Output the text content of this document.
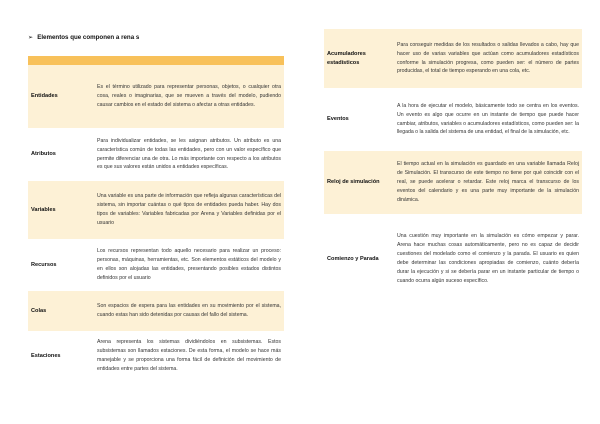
➢ Elementos que componen a rena s

Entidades	Es el término utilizado para representar personas, objetos, o cualquier otra cosa, reales o imaginarias, que se mueven a través del modelo, pudiendo causar cambios en el estado del sistema o afectar a otras entidades.
Atributos	Para individualizar entidades, se les asignan atributos. Un atributo es una característica común de todas las entidades, pero con un valor específico que permite diferenciar una de otra. Lo más importante con respecto a los atributos es que sus valores están unidos a entidades específicas.
Variables	Una variable es una parte de información que refleja algunas características del sistema, sin importar cuántas o qué tipos de entidades pueda haber. Hay dos tipos de variables: Variables fabricadas por Arena y Variables definidas por el usuario
Recursos	Los recursos representan todo aquello necesario para realizar un proceso: personas, máquinas, herramientas, etc. Son elementos estáticos del modelo y en ellos son alojadas las entidades, presentando posibles estados distintos definidos por el usuario
Colas	Son espacios de espera para las entidades en su movimiento por el sistema, cuando estas han sido detenidas por causas del fallo del sistema.
Estaciones	Arena representa los sistemas dividiéndolos en subsistemas. Estos subsistemas son llamados estaciones. De esta forma, el modelo se hace más manejable y se proporciona una forma fácil de definición del movimiento de entidades entre partes del sistema.
Acumuladores estadísticos	Para conseguir medidas de los resultados o salidas llevados a cabo, hay que hacer uso de varias variables que actúan como acumuladores estadísticos conforme la simulación progresa, como pueden ser: el número de partes producidas, el total de tiempo esperando en una cola, etc.
Eventos	A la hora de ejecutar el modelo, básicamente todo se centra en los eventos. Un evento es algo que ocurre en un instante de tiempo que puede hacer cambiar, atributos, variables o acumuladores estadísticos, como pueden ser: la llegada o la salida del sistema de una entidad, el final de la simulación, etc.
Reloj de simulación	El tiempo actual en la simulación es guardado en una variable llamada Reloj de Simulación. El transcurso de este tiempo no tiene por qué coincidir con el real, se puede acelerar o retardar. Este reloj marca el transcurso de los eventos del calendario y es una parte muy importante de la simulación dinámica.
Comienzo y Parada	Una cuestión muy importante en la simulación es cómo empezar y parar. Arena hace muchas cosas automáticamente, pero no es capaz de decidir cuestiones del modelado como el comienzo y la parada. El usuario es quien debe determinar las condiciones apropiadas de comienzo, cuánto debería durar la ejecución y si se debería parar en un instante particular de tiempo o cuando ocurra algún suceso específico.
